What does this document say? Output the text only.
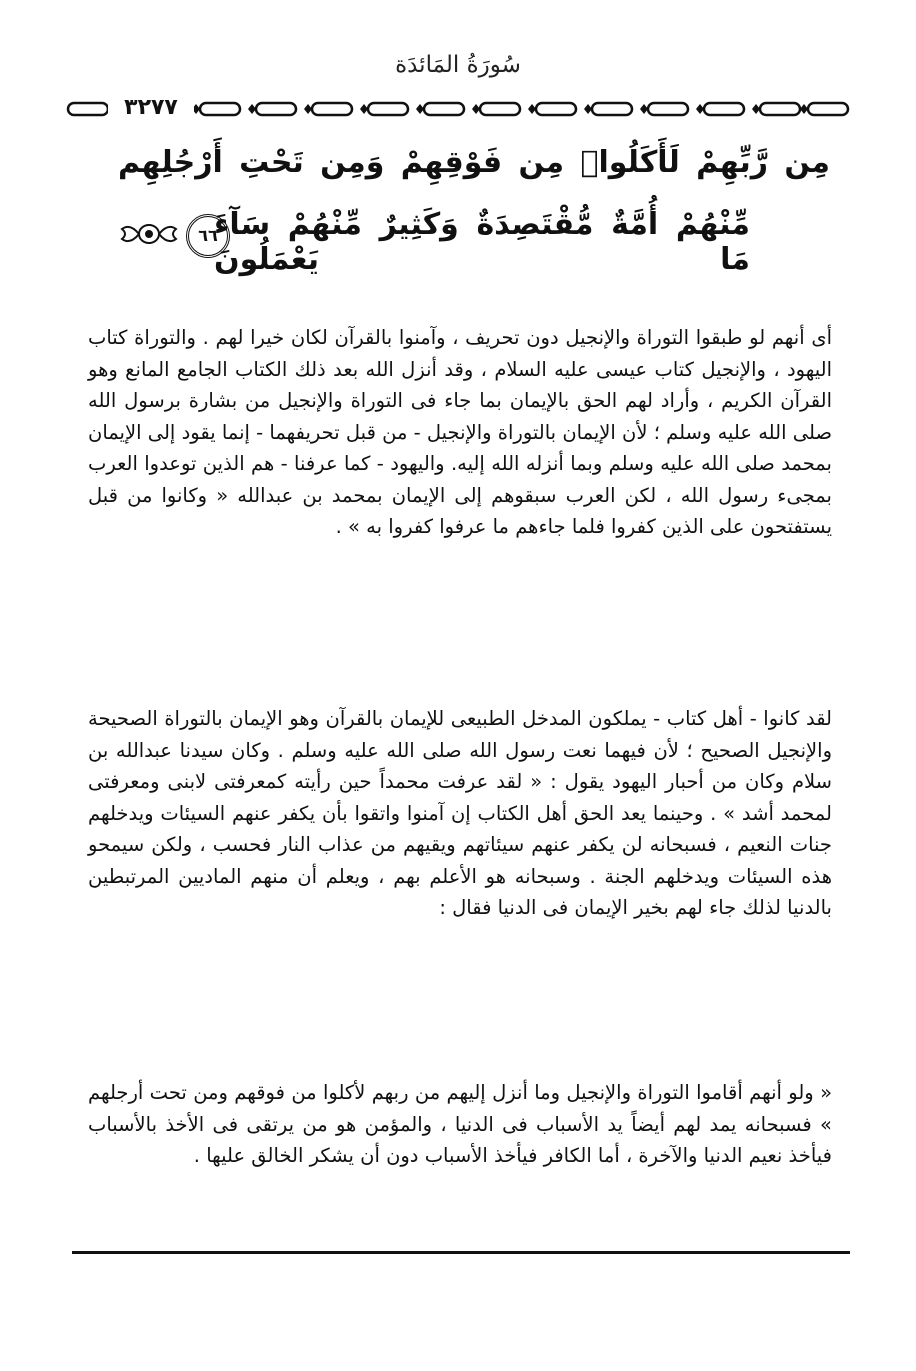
سُورَةُ المَائدَة
٣٢٧٧
مِن رَّبِّهِمْ لَأَكَلُوا۟ مِن فَوْقِهِمْ وَمِن تَحْتِ أَرْجُلِهِم
مِّنْهُمْ أُمَّةٌ مُّقْتَصِدَةٌ وَكَثِيرٌ مِّنْهُمْ سَآءَ مَا يَعْمَلُونَ
٦٦
أى أنهم لو طبقوا التوراة والإنجيل دون تحريف ، وآمنوا بالقرآن لكان خيرا لهم . والتوراة كتاب اليهود ، والإنجيل كتاب عيسى عليه السلام ، وقد أنزل الله بعد ذلك الكتاب الجامع المانع وهو القرآن الكريم ، وأراد لهم الحق بالإيمان بما جاء فى التوراة والإنجيل من بشارة برسول الله صلى الله عليه وسلم ؛ لأن الإيمان بالتوراة والإنجيل - من قبل تحريفهما - إنما يقود إلى الإيمان بمحمد صلى الله عليه وسلم وبما أنزله الله إليه. واليهود - كما عرفنا - هم الذين توعدوا العرب بمجىء رسول الله ، لكن العرب سبقوهم إلى الإيمان بمحمد بن عبدالله « وكانوا من قبل يستفتحون على الذين كفروا فلما جاءهم ما عرفوا كفروا به » .
لقد كانوا - أهل كتاب - يملكون المدخل الطبيعى للإيمان بالقرآن وهو الإيمان بالتوراة الصحيحة والإنجيل الصحيح ؛ لأن فيهما نعت رسول الله صلى الله عليه وسلم . وكان سيدنا عبدالله بن سلام وكان من أحبار اليهود يقول : « لقد عرفت محمداً حين رأيته كمعرفتى لابنى ومعرفتى لمحمد أشد » . وحينما يعد الحق أهل الكتاب إن آمنوا واتقوا بأن يكفر عنهم السيئات ويدخلهم جنات النعيم ، فسبحانه لن يكفر عنهم سيئاتهم ويقيهم من عذاب النار فحسب ، ولكن سيمحو هذه السيئات ويدخلهم الجنة . وسبحانه هو الأعلم بهم ، ويعلم أن منهم الماديين المرتبطين بالدنيا لذلك جاء لهم بخير الإيمان فى الدنيا فقال :
« ولو أنهم أقاموا التوراة والإنجيل وما أنزل إليهم من ربهم لأكلوا من فوقهم ومن تحت أرجلهم » فسبحانه يمد لهم أيضاً يد الأسباب فى الدنيا ، والمؤمن هو من يرتقى فى الأخذ بالأسباب فيأخذ نعيم الدنيا والآخرة ، أما الكافر فيأخذ الأسباب دون أن يشكر الخالق عليها .
